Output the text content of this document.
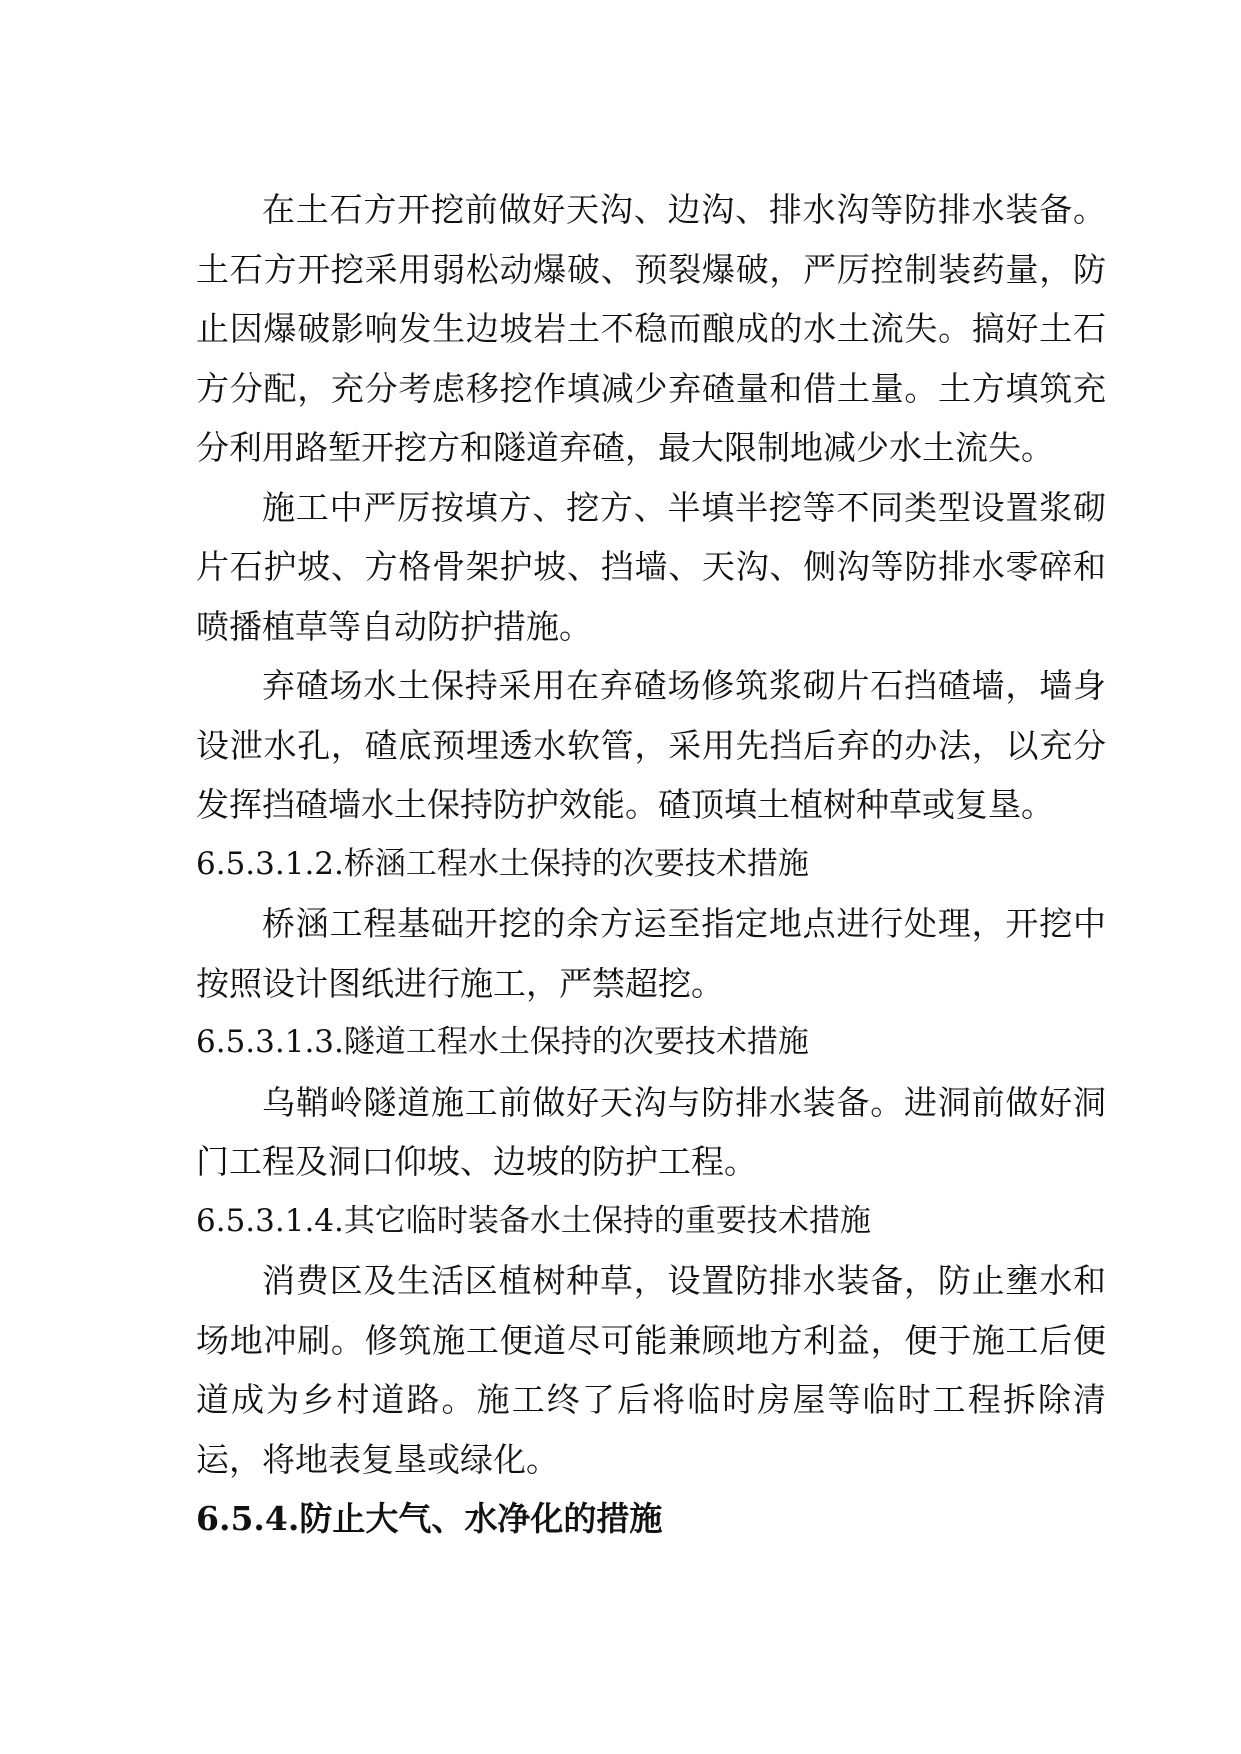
在土石方开挖前做好天沟、边沟、排水沟等防排水装备。土石方开挖采用弱松动爆破、预裂爆破，严厉控制装药量，防止因爆破影响发生边坡岩土不稳而酿成的水土流失。搞好土石方分配，充分考虑移挖作填减少弃碴量和借土量。土方填筑充分利用路堑开挖方和隧道弃碴，最大限制地减少水土流失。

施工中严厉按填方、挖方、半填半挖等不同类型设置浆砌片石护坡、方格骨架护坡、挡墙、天沟、侧沟等防排水零碎和喷播植草等自动防护措施。

弃碴场水土保持采用在弃碴场修筑浆砌片石挡碴墙，墙身设泄水孔，碴底预埋透水软管，采用先挡后弃的办法，以充分发挥挡碴墙水土保持防护效能。碴顶填土植树种草或复垦。

6.5.3.1.2.桥涵工程水土保持的次要技术措施

桥涵工程基础开挖的余方运至指定地点进行处理，开挖中按照设计图纸进行施工，严禁超挖。

6.5.3.1.3.隧道工程水土保持的次要技术措施

乌鞘岭隧道施工前做好天沟与防排水装备。进洞前做好洞门工程及洞口仰坡、边坡的防护工程。

6.5.3.1.4.其它临时装备水土保持的重要技术措施

消费区及生活区植树种草，设置防排水装备，防止壅水和场地冲刷。修筑施工便道尽可能兼顾地方利益，便于施工后便道成为乡村道路。施工终了后将临时房屋等临时工程拆除清运，将地表复垦或绿化。

6.5.4.防止大气、水净化的措施
